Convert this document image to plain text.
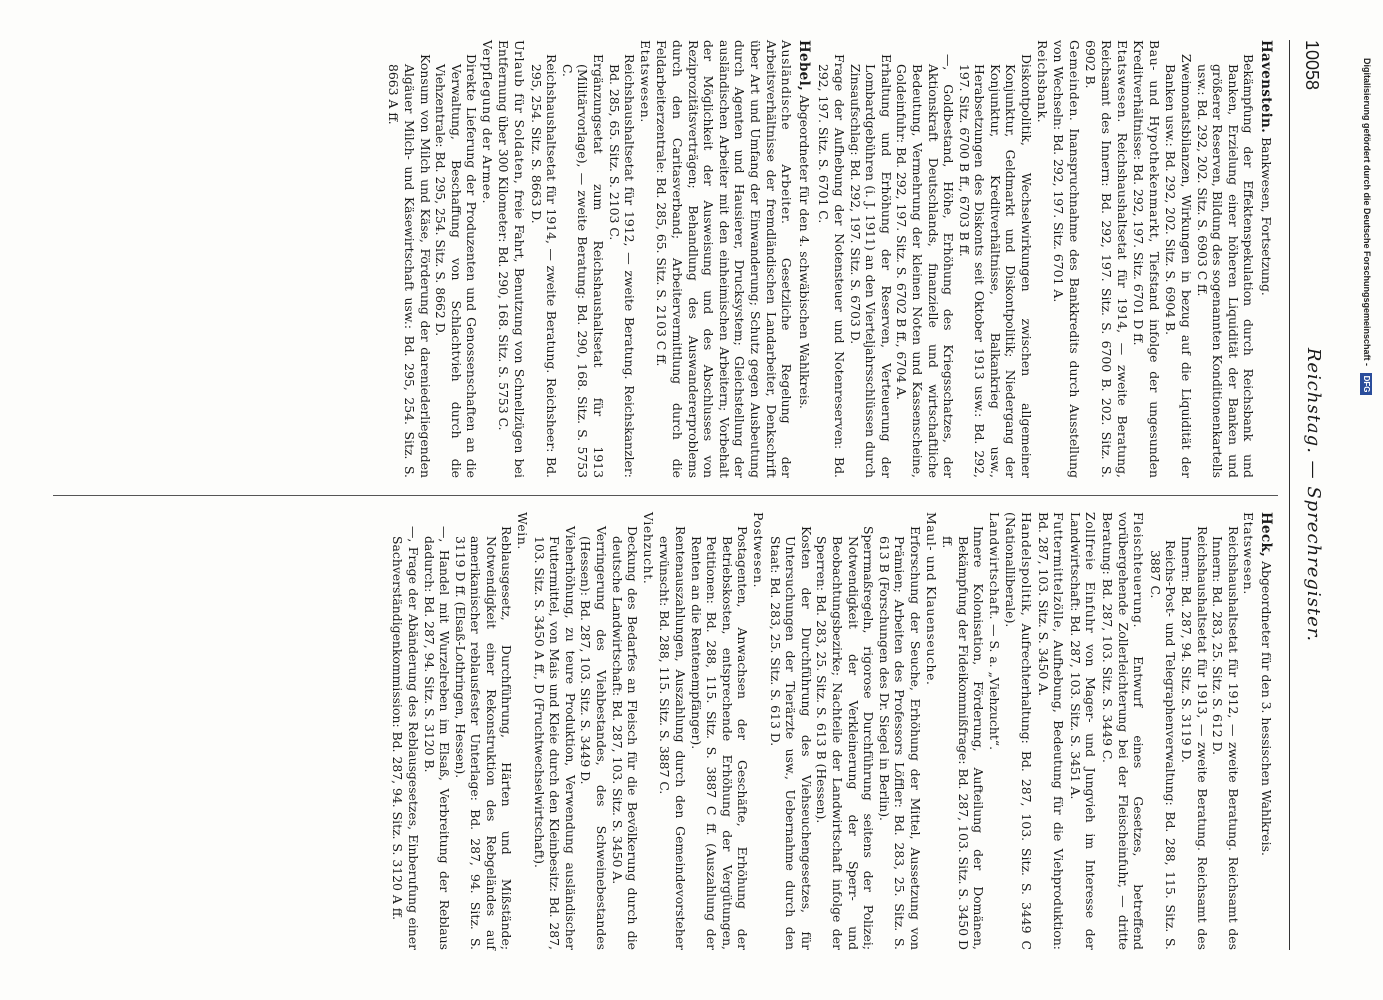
10058
Reichstag. — Sprechregister.
Havenstein. Bankwesen, Fortsetzung.
Bekämpfung der Effektenspekulation durch Reichsbank und Banken, Erzielung einer höheren Liquidität der Banken und größerer Reserven, Bildung des sogenannten Konditionenkartells usw.: Bd. 292, 202. Sitz. S. 6903 C ff.
Zweimonatsbilanzen, Wirkungen in bezug auf die Liquidität der Banken usw.: Bd. 292, 202. Sitz. S. 6904 B.
Bau- und Hypothekenmarkt, Tiefstand infolge der ungesunden Kreditverhältnisse: Bd. 292, 197. Sitz. 6701 D ff.
Etatswesen. Reichshaushaltsetat für 1914, — zweite Beratung, Reichsamt des Innern: Bd. 292, 197. Sitz. S. 6700 B. 202. Sitz. S. 6902 B.
Gemeinden. Inanspruchnahme des Bankkredits durch Ausstellung von Wechseln: Bd. 292, 197. Sitz. 6701 A.
Reichsbank.
Diskontpolitik, Wechselwirkungen zwischen allgemeiner Konjunktur, Geldmarkt und Diskontpolitik; Niedergang der Konjunktur, Kreditverhältnisse, Balkankrieg usw., Herabsetzungen des Diskonts seit Oktober 1913 usw.: Bd. 292, 197. Sitz. 6700 B ff., 6703 B ff.
—, Goldbestand, Höhe, Erhöhung des Kriegsschatzes, der Aktionskraft Deutschlands, finanzielle und wirtschaftliche Bedeutung, Vermehrung der kleinen Noten und Kassenscheine, Goldeinfuhr: Bd. 292, 197. Sitz. S. 6702 B ff., 6704 A.
Erhaltung und Erhöhung der Reserven, Verteuerung der Lombardgebühren (i. J. 1911) an den Vierteljahrsschlüssen durch Zinsaufschlag: Bd. 292, 197. Sitz. S. 6703 D.
Frage der Aufhebung der Notensteuer und Notenreserven: Bd. 292, 197. Sitz. S. 6701 C.
Hebel, Abgeordneter für den 4. schwäbischen Wahlkreis.
Ausländische Arbeiter. Gesetzliche Regelung der Arbeitsverhältnisse der fremdländischen Landarbeiter, Denkschrift über Art und Umfang der Einwanderung; Schutz gegen Ausbeutung durch Agenten und Hausierer, Drucksystem; Gleichstellung der ausländischen Arbeiter mit den einheimischen Arbeitern; Vorbehalt der Möglichkeit der Ausweisung und des Abschlusses von Reziprozitätsverträgen; Behandlung des Auswandererproblems durch den Caritasverband; Arbeitervermittlung durch die Feldarbeiterzentrale: Bd. 285, 65. Sitz. S. 2103 C ff.
Etatswesen.
Reichshaushaltsetat für 1912, — zweite Beratung. Reichskanzler: Bd. 285, 65. Sitz. S. 2103 C.
Ergänzungsetat zum Reichshaushaltsetat für 1913 (Militärvorlage), — zweite Beratung: Bd. 290, 168. Sitz. S. 5753 C.
Reichshaushaltsetat für 1914, — zweite Beratung. Reichsheer: Bd. 295, 254. Sitz. S. 8663 D.
Urlaub für Soldaten, freie Fahrt, Benutzung von Schnellzügen bei Entfernung über 300 Kilometer: Bd. 290, 168. Sitz. S. 5753 C.
Verpflegung der Armee.
Direkte Lieferung der Produzenten und Genossenschaften an die Verwaltung, Beschaffung von Schlachtvieh durch die Viehzentrale: Bd. 295, 254. Sitz. S. 8662 D.
Konsum von Milch und Käse, Förderung der dareniederliegenden Algäuer Milch- und Käsewirtschaft usw.: Bd. 295, 254. Sitz. S. 8663 A ff.
Heck, Abgeordneter für den 3. hessischen Wahlkreis.
Etatswesen.
Reichshaushaltsetat für 1912, — zweite Beratung. Reichsamt des Innern: Bd. 283, 25. Sitz. S. 612 D.
Reichshaushaltsetat für 1913, — zweite Beratung. Reichsamt des Innern: Bd. 287, 94. Sitz. S. 3119 D.
Reichs-Post- und Telegraphenverwaltung: Bd. 288, 115. Sitz. S. 3887 C.
Fleischteuerung. Entwurf eines Gesetzes, betreffend vorübergehende Zollerleichterung bei der Fleischeinfuhr, — dritte Beratung: Bd. 287, 103. Sitz. S. 3449 C.
Zollfreie Einfuhr von Mager- und Jungvieh im Interesse der Landwirtschaft: Bd. 287, 103. Sitz. S. 3451 A.
Futtermittelzölle, Aufhebung, Bedeutung für die Viehproduktion: Bd. 287, 103. Sitz. S. 3450 A.
Handelspolitik, Aufrechterhaltung: Bd. 287, 103. Sitz. S. 3449 C (Nationalliberale).
Landwirtschaft. — S. a. „Viehzucht“.
Innere Kolonisation, Förderung, Aufteilung der Domänen, Bekämpfung der Fideikommißfrage: Bd. 287, 103. Sitz. S. 3450 D ff.
Maul- und Klauenseuche.
Erforschung der Seuche, Erhöhung der Mittel, Aussetzung von Prämien; Arbeiten des Professors Löffler: Bd. 283, 25. Sitz. S. 613 B (Forschungen des Dr. Siegel in Berlin).
Sperrmaßregeln, rigorose Durchführung seitens der Polizei; Notwendigkeit der Verkleinerung der Sperr- und Beobachtungsbezirke; Nachteile der Landwirtschaft infolge der Sperren: Bd. 283, 25. Sitz. S. 613 B (Hessen).
Kosten der Durchführung des Viehseuchengesetzes, für Untersuchungen der Tierärzte usw., Uebernahme durch den Staat: Bd. 283, 25. Sitz. S. 613 D.
Postwesen.
Postagenten, Anwachsen der Geschäfte, Erhöhung der Betriebskosten, entsprechende Erhöhung der Vergütungen, Petitionen: Bd. 288, 115. Sitz. S. 3887 C ff. (Auszahlung der Renten an die Rentenempfänger).
Rentenauszahlungen, Auszahlung durch den Gemeindevorsteher erwünscht: Bd. 288, 115. Sitz. S. 3887 C.
Viehzucht.
Deckung des Bedarfes an Fleisch für die Bevölkerung durch die deutsche Landwirtschaft: Bd. 287, 103. Sitz. S. 3450 A.
Verringerung des Viehbestandes, des Schweinebestandes (Hessen): Bd. 287, 103. Sitz. S. 3449 D.
Vieherhöhung, zu teure Produktion, Verwendung ausländischer Futtermittel, von Mais und Kleie durch den Kleinbesitz: Bd. 287, 103. Sitz. S. 3450 A ff., D (Fruchtwechselwirtschaft).
Wein.
Reblausgesetz, Durchführung, Härten und Mißstände; Notwendigkeit einer Rekonstruktion des Rebgeländes auf amerikanischer reblausfester Unterlage: Bd. 287, 94. Sitz. S. 3119 D ff. (Elsaß-Lothringen, Hessen).
—, Handel mit Wurzelreben im Elsaß, Verbreitung der Reblaus dadurch: Bd. 287, 94. Sitz. S. 3120 B.
—, Frage der Abänderung des Reblausgesetzes, Einberufung einer Sachverständigenkommission: Bd. 287, 94. Sitz. S. 3120 A ff.
Digitalisierung gefördert durch die Deutsche Forschungsgemeinschaft - DFG
